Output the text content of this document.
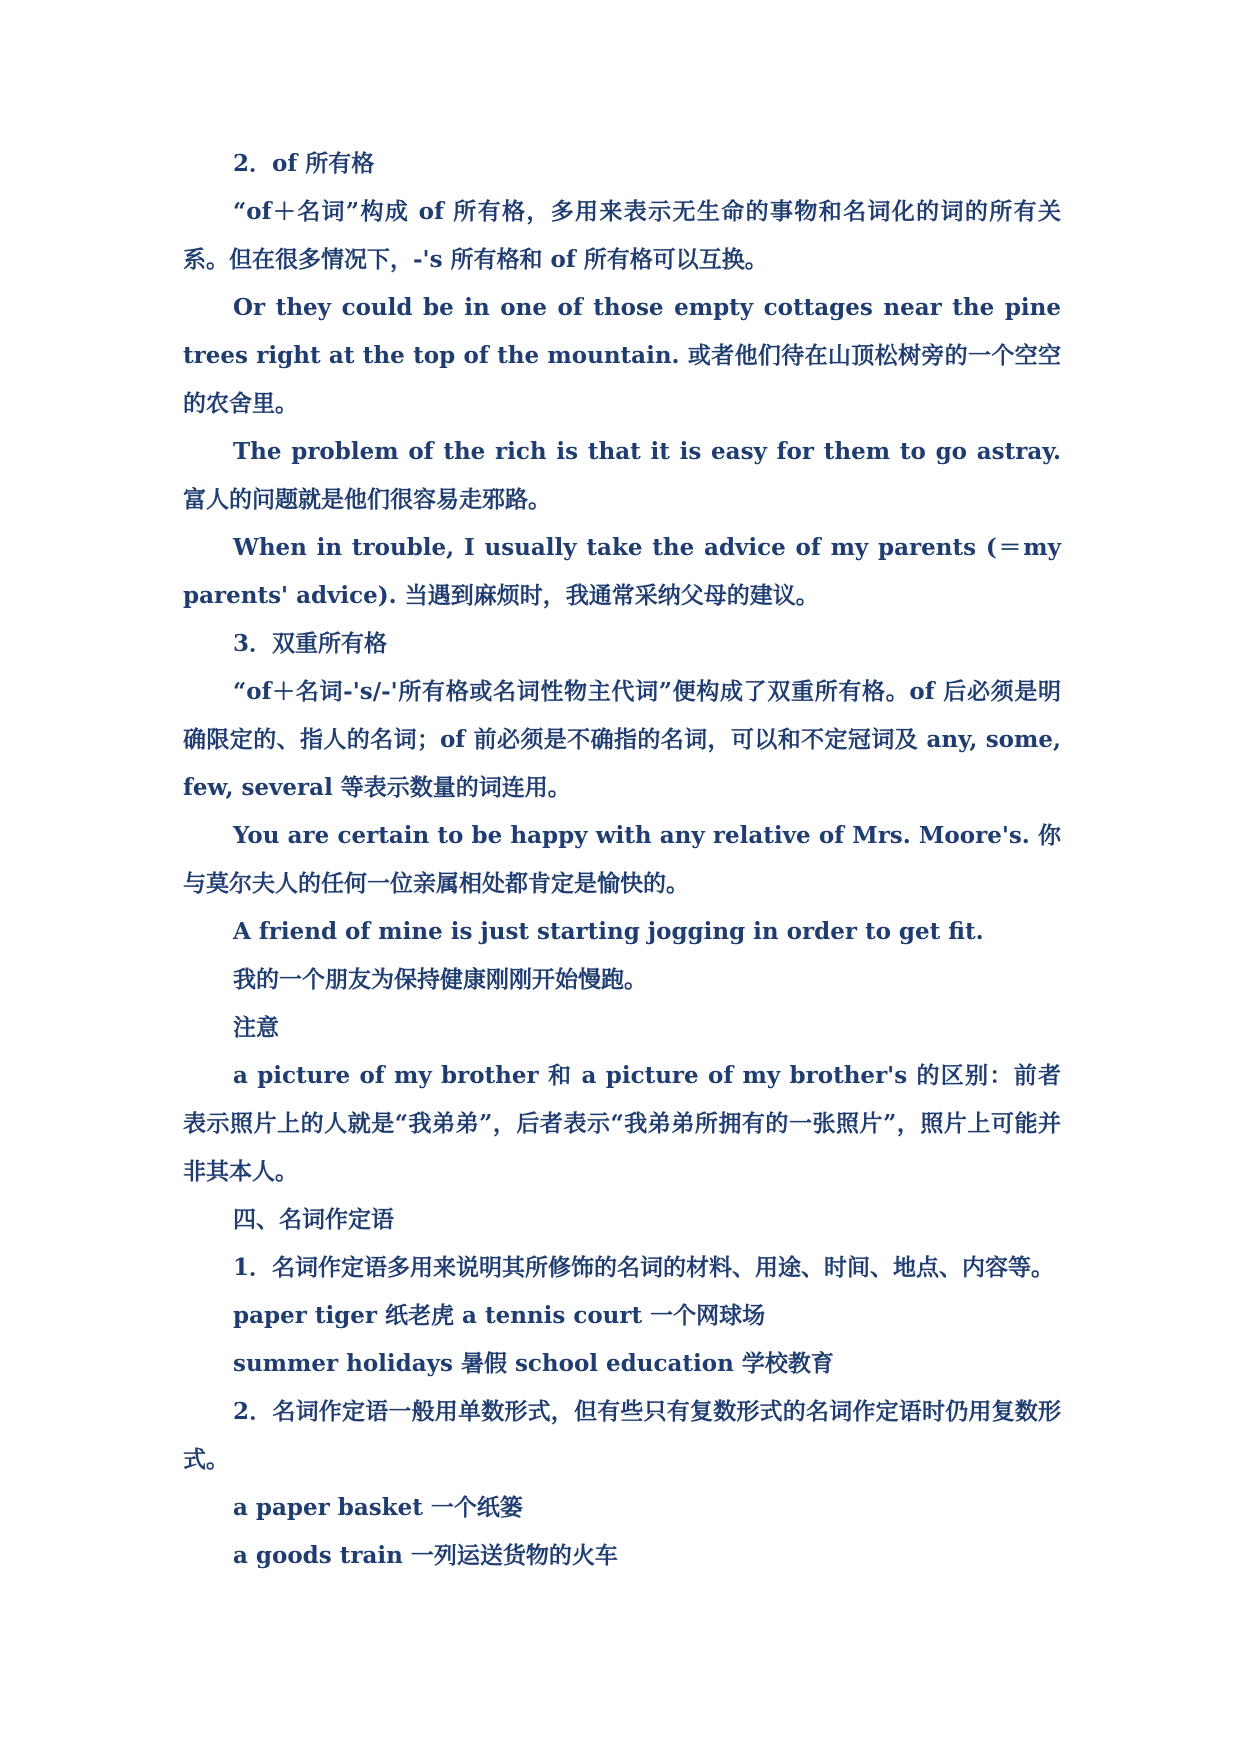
2．of 所有格

“of＋名词”构成 of 所有格，多用来表示无生命的事物和名词化的词的所有关系。但在很多情况下，-'s 所有格和 of 所有格可以互换。

Or they could be in one of those empty cottages near the pine trees right at the top of the mountain. 或者他们待在山顶松树旁的一个空空的农舍里。

The problem of the rich is that it is easy for them to go astray. 富人的问题就是他们很容易走邪路。

When in trouble, I usually take the advice of my parents (＝my parents' advice). 当遇到麻烦时，我通常采纳父母的建议。

3．双重所有格

“of＋名词-'s/-'所有格或名词性物主代词”便构成了双重所有格。of 后必须是明确限定的、指人的名词；of 前必须是不确指的名词，可以和不定冠词及 any, some, few, several 等表示数量的词连用。

You are certain to be happy with any relative of Mrs. Moore's. 你与莫尔夫人的任何一位亲属相处都肯定是愉快的。

A friend of mine is just starting jogging in order to get fit.

我的一个朋友为保持健康刚刚开始慢跑。

注意

a picture of my brother 和 a picture of my brother's 的区别：前者表示照片上的人就是“我弟弟”，后者表示“我弟弟所拥有的一张照片”，照片上可能并非其本人。

四、名词作定语

1．名词作定语多用来说明其所修饰的名词的材料、用途、时间、地点、内容等。

paper tiger 纸老虎 a tennis court 一个网球场

summer holidays 暑假 school education 学校教育

2．名词作定语一般用单数形式，但有些只有复数形式的名词作定语时仍用复数形式。

a paper basket 一个纸篓

a goods train 一列运送货物的火车
